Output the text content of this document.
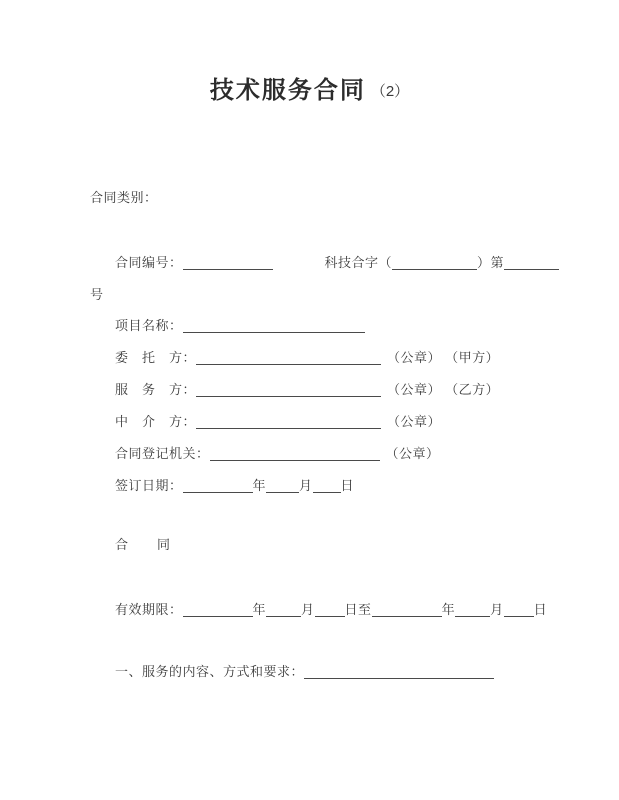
技术服务合同 （2）
合同类别：
合同编号：	科技合字（	）第
号
项目名称：
委　托　方：	（公章） （甲方）
服　务　方：	（公章） （乙方）
中　介　方：	（公章）
合同登记机关：	（公章）
签订日期：	年	月 日
合　　同
有效期限：	年	月 日至	年	月 日
一、服务的内容、方式和要求：
